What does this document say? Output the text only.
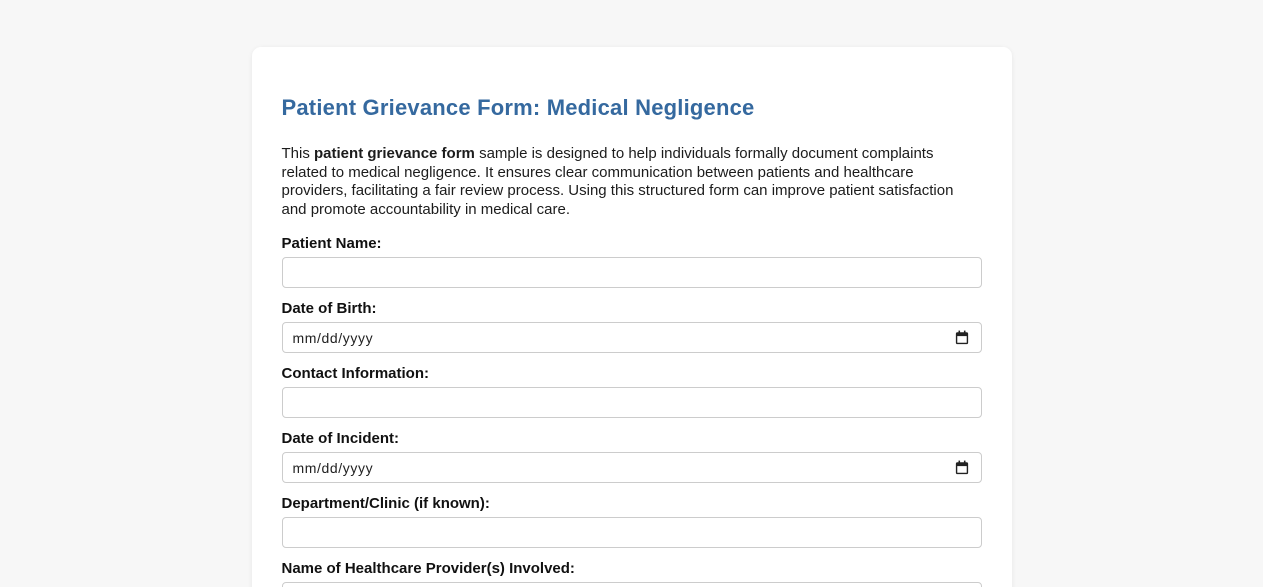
Patient Grievance Form: Medical Negligence

This patient grievance form sample is designed to help individuals formally document complaints related to medical negligence. It ensures clear communication between patients and healthcare providers, facilitating a fair review process. Using this structured form can improve patient satisfaction and promote accountability in medical care.

Patient Name:
Date of Birth:
mm/dd/yyyy
Contact Information:
Date of Incident:
mm/dd/yyyy
Department/Clinic (if known):
Name of Healthcare Provider(s) Involved:
